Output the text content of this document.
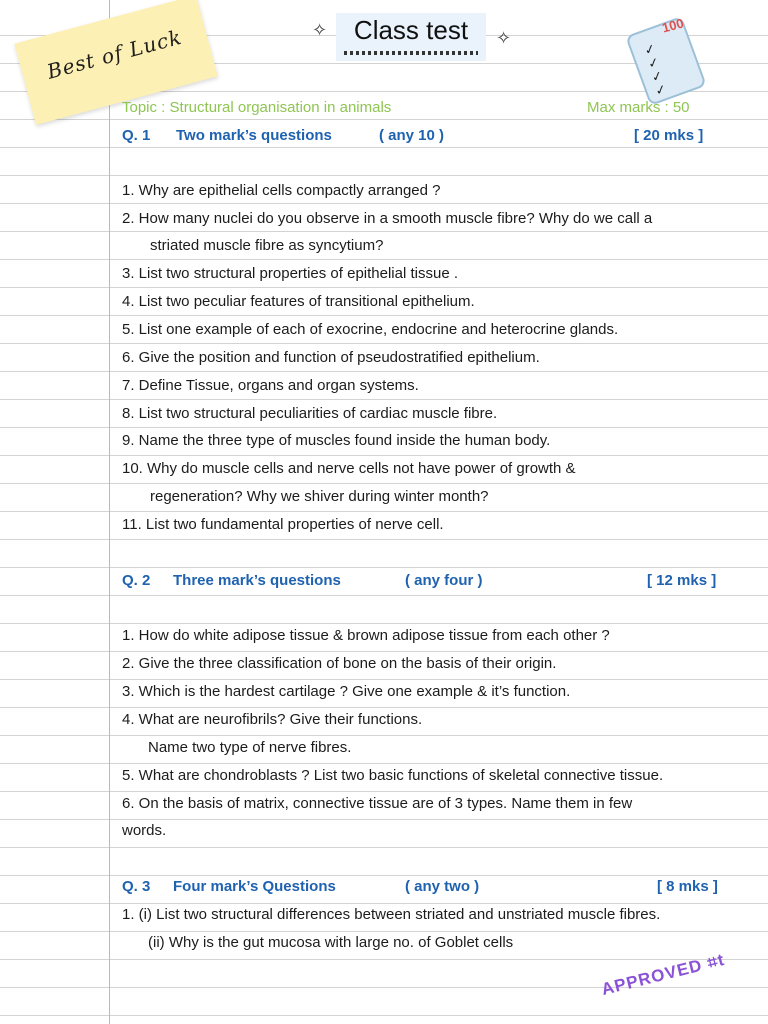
Best of Luck	✧	✧
Class test	100
✓
✓
✓
✓
Topic : Structural organisation in animals	Max marks : 50
Q. 1 Two mark’s questions	( any 10 )	[ 20 mks ]
1. Why are epithelial cells compactly arranged ?
2. How many nuclei do you observe in a smooth muscle fibre? Why do we call a
striated muscle fibre as syncytium?
3. List two structural properties of epithelial tissue .
4. List two peculiar features of transitional epithelium.
5. List one example of each of exocrine, endocrine and heterocrine glands.
6. Give the position and function of pseudostratified epithelium.
7. Define Tissue, organs and organ systems.
8. List two structural peculiarities of cardiac muscle fibre.
9. Name the three type of muscles found inside the human body.
10. Why do muscle cells and nerve cells not have power of growth &
regeneration? Why we shiver during winter month?
11. List two fundamental properties of nerve cell.
Q. 2 Three mark’s questions	( any four )	[ 12 mks ]
1. How do white adipose tissue & brown adipose tissue from each other ?
2. Give the three classification of bone on the basis of their origin.
3. Which is the hardest cartilage ? Give one example & it’s function.
4. What are neurofibrils? Give their functions.
Name two type of nerve fibres.
5. What are chondroblasts ? List two basic functions of skeletal connective tissue.
6. On the basis of matrix, connective tissue are of 3 types. Name them in few
words.
Q. 3 Four mark’s Questions	( any two )	[ 8 mks ]
1. (i) List two structural differences between striated and unstriated muscle fibres.
(ii) Why is the gut mucosa with large no. of Goblet cells
APPROVED ⌗t
